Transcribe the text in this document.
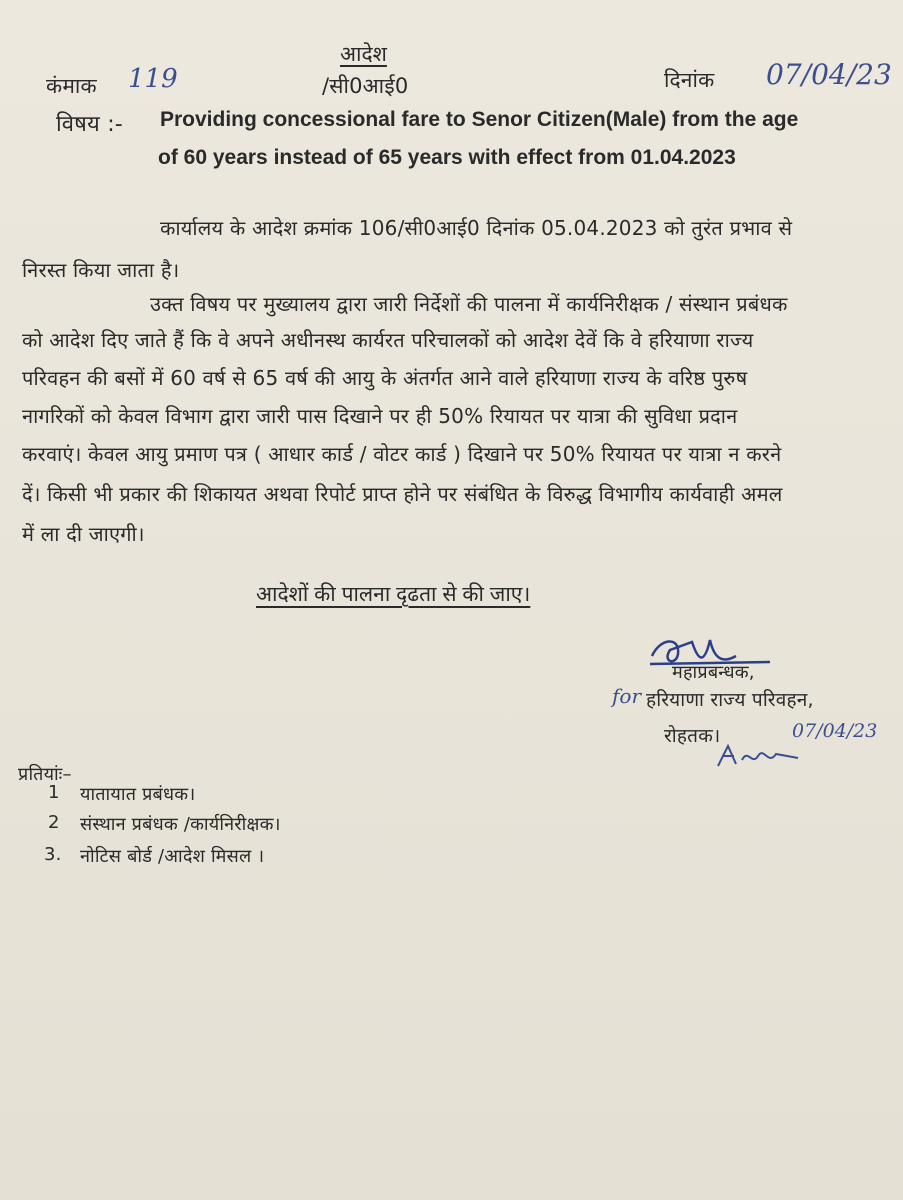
आदेश
कंमाक 119	/सी0आई0	दिनांक 07/04/23
विषय :- Providing concessional fare to Senor Citizen(Male) from the age
of 60 years instead of 65 years with effect from 01.04.2023
कार्यालय के आदेश क्रमांक 106/सी0आई0 दिनांक 05.04.2023 को तुरंत प्रभाव से
निरस्त किया जाता है।
उक्त विषय पर मुख्यालय द्वारा जारी निर्देशों की पालना में कार्यनिरीक्षक / संस्थान प्रबंधक
को आदेश दिए जाते हैं कि वे अपने अधीनस्थ कार्यरत परिचालकों को आदेश देवें कि वे हरियाणा राज्य
परिवहन की बसों में 60 वर्ष से 65 वर्ष की आयु के अंतर्गत आने वाले हरियाणा राज्य के वरिष्ठ पुरुष
नागरिकों को केवल विभाग द्वारा जारी पास दिखाने पर ही 50% रियायत पर यात्रा की सुविधा प्रदान
करवाएं। केवल आयु प्रमाण पत्र ( आधार कार्ड / वोटर कार्ड ) दिखाने पर 50% रियायत पर यात्रा न करने
दें। किसी भी प्रकार की शिकायत अथवा रिपोर्ट प्राप्त होने पर संबंधित के विरुद्ध विभागीय कार्यवाही अमल
में ला दी जाएगी।
आदेशों की पालना दृढता से की जाए।
महाप्रबन्धक,
for हरियाणा राज्य परिवहन,
रोहतक।	07/04/23
प्रतियांः–
1 यातायात प्रबंधक।
2 संस्थान प्रबंधक /कार्यनिरीक्षक।
3. नोटिस बोर्ड /आदेश मिसल ।
